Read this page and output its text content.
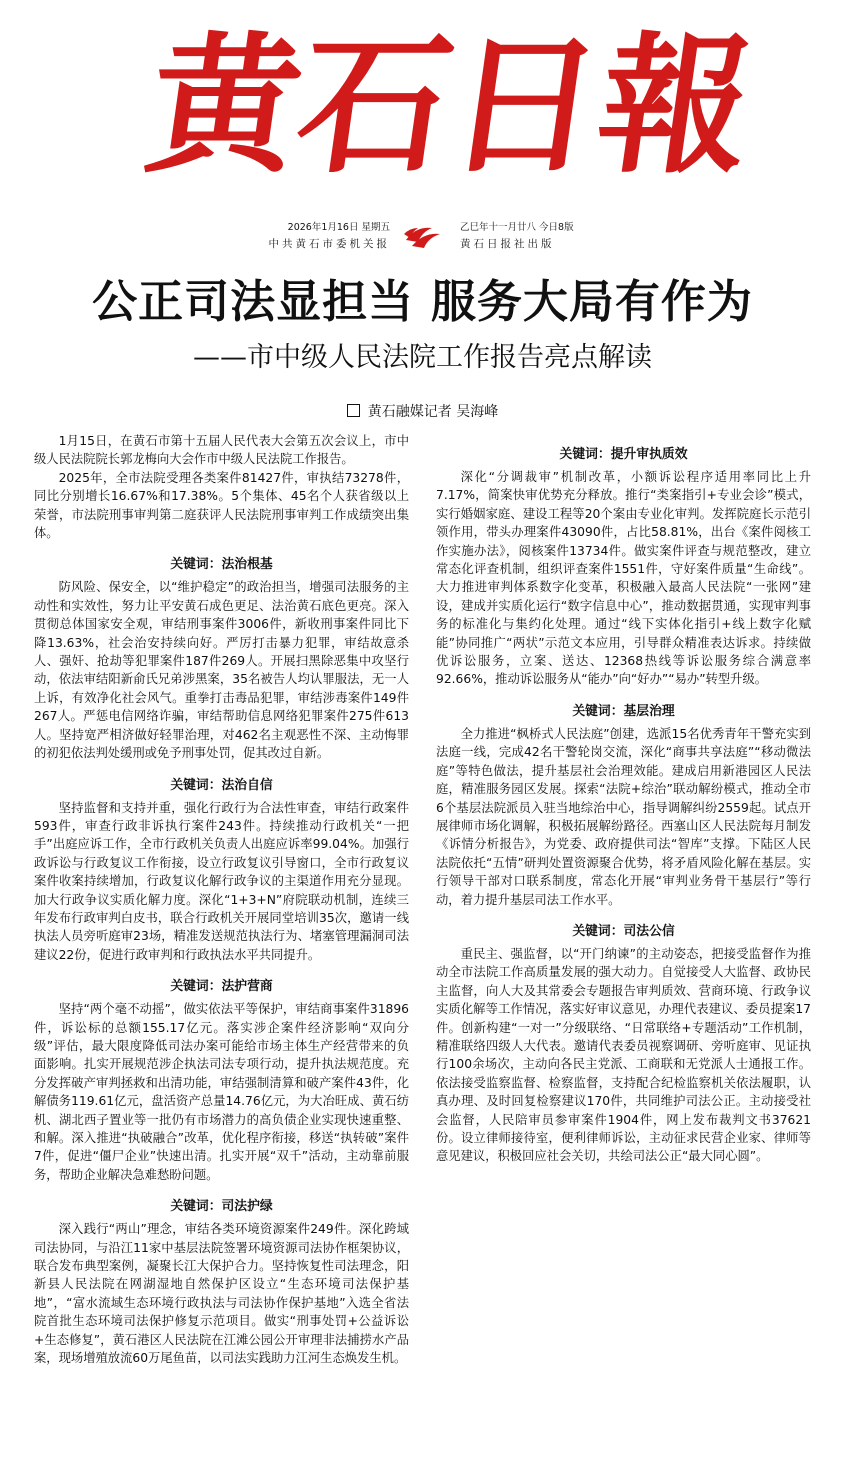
黄
石
日
報
2026年1月16日 星期五
中共黄石市委机关报
乙巳年十一月廿八 今日8版
黄石日报社出版
公正司法显担当 服务大局有作为
——市中级人民法院工作报告亮点解读
黄石融媒记者 吴海峰

1月15日，在黄石市第十五届人民代表大会第五次会议上，市中级人民法院院长郭龙梅向大会作市中级人民法院工作报告。

2025年，全市法院受理各类案件81427件，审执结73278件，同比分别增长16.67%和17.38%。5个集体、45名个人获省级以上荣誉，市法院刑事审判第二庭获评人民法院刑事审判工作成绩突出集体。

关键词：法治根基

防风险、保安全，以“维护稳定”的政治担当，增强司法服务的主动性和实效性，努力让平安黄石成色更足、法治黄石底色更亮。深入贯彻总体国家安全观，审结刑事案件3006件，新收刑事案件同比下降13.63%，社会治安持续向好。严厉打击暴力犯罪，审结故意杀人、强奸、抢劫等犯罪案件187件269人。开展扫黑除恶集中攻坚行动，依法审结阳新俞氏兄弟涉黑案，35名被告人均认罪服法，无一人上诉，有效净化社会风气。重拳打击毒品犯罪，审结涉毒案件149件267人。严惩电信网络诈骗，审结帮助信息网络犯罪案件275件613人。坚持宽严相济做好轻罪治理，对462名主观恶性不深、主动悔罪的初犯依法判处缓刑或免予刑事处罚，促其改过自新。

关键词：法治自信

坚持监督和支持并重，强化行政行为合法性审查，审结行政案件593件，审查行政非诉执行案件243件。持续推动行政机关“一把手”出庭应诉工作，全市行政机关负责人出庭应诉率99.04%。加强行政诉讼与行政复议工作衔接，设立行政复议引导窗口，全市行政复议案件收案持续增加，行政复议化解行政争议的主渠道作用充分显现。加大行政争议实质化解力度。深化“1+3+N”府院联动机制，连续三年发布行政审判白皮书，联合行政机关开展同堂培训35次，邀请一线执法人员旁听庭审23场，精准发送规范执法行为、堵塞管理漏洞司法建议22份，促进行政审判和行政执法水平共同提升。

关键词：法护营商

坚持“两个毫不动摇”，做实依法平等保护，审结商事案件31896件，诉讼标的总额155.17亿元。落实涉企案件经济影响“双向分级”评估，最大限度降低司法办案可能给市场主体生产经营带来的负面影响。扎实开展规范涉企执法司法专项行动，提升执法规范度。充分发挥破产审判拯救和出清功能，审结强制清算和破产案件43件，化解债务119.61亿元，盘活资产总量14.76亿元，为大冶旺成、黄石纺机、湖北西子置业等一批仍有市场潜力的高负债企业实现快速重整、和解。深入推进“执破融合”改革，优化程序衔接，移送“执转破”案件7件，促进“僵尸企业”快速出清。扎实开展“双千”活动，主动靠前服务，帮助企业解决急难愁盼问题。

关键词：司法护绿

深入践行“两山”理念，审结各类环境资源案件249件。深化跨域司法协同，与沿江11家中基层法院签署环境资源司法协作框架协议，联合发布典型案例，凝聚长江大保护合力。坚持恢复性司法理念，阳新县人民法院在网湖湿地自然保护区设立“生态环境司法保护基地”，“富水流域生态环境行政执法与司法协作保护基地”入选全省法院首批生态环境司法保护修复示范项目。做实“刑事处罚+公益诉讼+生态修复”，黄石港区人民法院在江滩公园公开审理非法捕捞水产品案，现场增殖放流60万尾鱼苗，以司法实践助力江河生态焕发生机。

关键词：提升审执质效

深化“分调裁审”机制改革，小额诉讼程序适用率同比上升7.17%，简案快审优势充分释放。推行“类案指引+专业会诊”模式，实行婚姻家庭、建设工程等20个案由专业化审判。发挥院庭长示范引领作用，带头办理案件43090件，占比58.81%，出台《案件阅核工作实施办法》，阅核案件13734件。做实案件评查与规范整改，建立常态化评查机制，组织评查案件1551件，守好案件质量“生命线”。大力推进审判体系数字化变革，积极融入最高人民法院“一张网”建设，建成并实质化运行“数字信息中心”，推动数据贯通，实现审判事务的标准化与集约化处理。通过“线下实体化指引+线上数字化赋能”协同推广“两状”示范文本应用，引导群众精准表达诉求。持续做优诉讼服务，立案、送达、12368热线等诉讼服务综合满意率92.66%，推动诉讼服务从“能办”向“好办”“易办”转型升级。

关键词：基层治理

全力推进“枫桥式人民法庭”创建，选派15名优秀青年干警充实到法庭一线，完成42名干警轮岗交流，深化“商事共享法庭”“移动微法庭”等特色做法，提升基层社会治理效能。建成启用新港园区人民法庭，精准服务园区发展。探索“法院+综治”联动解纷模式，推动全市6个基层法院派员入驻当地综治中心，指导调解纠纷2559起。试点开展律师市场化调解，积极拓展解纷路径。西塞山区人民法院每月制发《诉情分析报告》，为党委、政府提供司法“智库”支撑。下陆区人民法院依托“五情”研判处置资源聚合优势，将矛盾风险化解在基层。实行领导干部对口联系制度，常态化开展“审判业务骨干基层行”等行动，着力提升基层司法工作水平。

关键词：司法公信

重民主、强监督，以“开门纳谏”的主动姿态，把接受监督作为推动全市法院工作高质量发展的强大动力。自觉接受人大监督、政协民主监督，向人大及其常委会专题报告审判质效、营商环境、行政争议实质化解等工作情况，落实好审议意见，办理代表建议、委员提案17件。创新构建“一对一”分级联络、“日常联络+专题活动”工作机制，精准联络四级人大代表。邀请代表委员视察调研、旁听庭审、见证执行100余场次，主动向各民主党派、工商联和无党派人士通报工作。依法接受监察监督、检察监督，支持配合纪检监察机关依法履职，认真办理、及时回复检察建议170件，共同维护司法公正。主动接受社会监督，人民陪审员参审案件1904件，网上发布裁判文书37621份。设立律师接待室，便利律师诉讼，主动征求民营企业家、律师等意见建议，积极回应社会关切，共绘司法公正“最大同心圆”。
